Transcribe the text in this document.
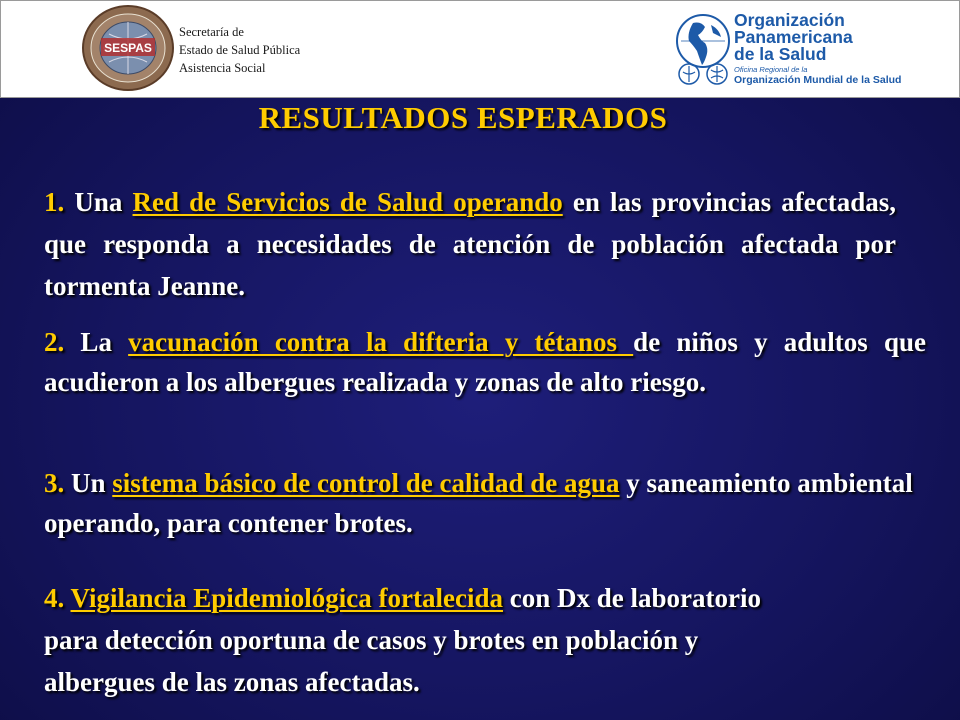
SESPAS
Secretaría de
Estado de Salud Pública
Asistencia Social
Organización
Panamericana
de la Salud
Oficina Regional de la
Organización Mundial de la Salud
RESULTADOS ESPERADOS
1. Una Red de Servicios de Salud operando en las provincias afectadas, que responda a necesidades de atención de población afectada por tormenta Jeanne.
2. La vacunación contra la difteria y tétanos de niños y adultos que acudieron a los albergues realizada y zonas de alto riesgo.
3. Un sistema básico de control de calidad de agua y saneamiento ambiental operando, para contener brotes.
4. Vigilancia Epidemiológica fortalecida con Dx de laboratorio
para detección oportuna de casos y brotes en población y
albergues de las zonas afectadas.
